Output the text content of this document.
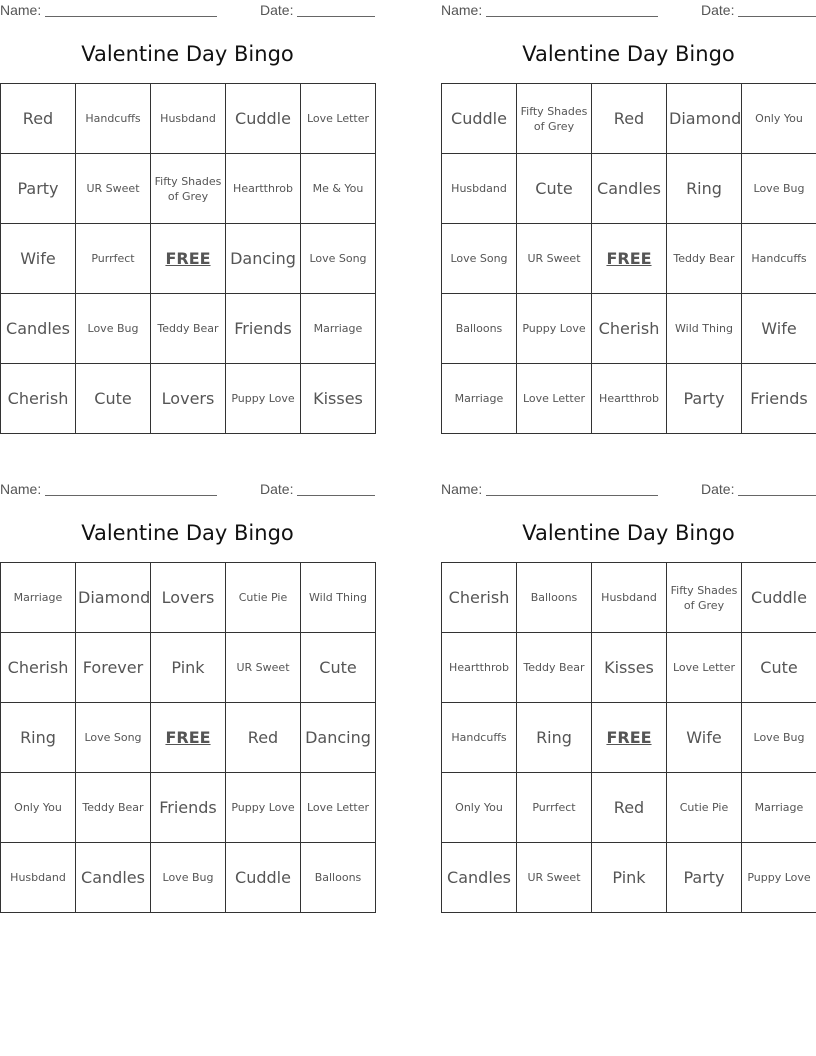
Name:	Date:
Valentine Day Bingo
Red	Handcuffs	Husbdand	Cuddle	Love Letter
Party	UR Sweet	Fifty Shades of Grey	Heartthrob	Me & You
Wife	Purrfect	FREE	Dancing	Love Song
Candles	Love Bug	Teddy Bear	Friends	Marriage
Cherish	Cute	Lovers	Puppy Love	Kisses
Name:	Date:
Valentine Day Bingo
Cuddle	Fifty Shades of Grey	Red	Diamond	Only You
Husbdand	Cute	Candles	Ring	Love Bug
Love Song	UR Sweet	FREE	Teddy Bear	Handcuffs
Balloons	Puppy Love	Cherish	Wild Thing	Wife
Marriage	Love Letter	Heartthrob	Party	Friends
Name:	Date:
Valentine Day Bingo
Marriage	Diamond	Lovers	Cutie Pie	Wild Thing
Cherish	Forever	Pink	UR Sweet	Cute
Ring	Love Song	FREE	Red	Dancing
Only You	Teddy Bear	Friends	Puppy Love	Love Letter
Husbdand	Candles	Love Bug	Cuddle	Balloons
Name:	Date:
Valentine Day Bingo
Cherish	Balloons	Husbdand	Fifty Shades of Grey	Cuddle
Heartthrob	Teddy Bear	Kisses	Love Letter	Cute
Handcuffs	Ring	FREE	Wife	Love Bug
Only You	Purrfect	Red	Cutie Pie	Marriage
Candles	UR Sweet	Pink	Party	Puppy Love
